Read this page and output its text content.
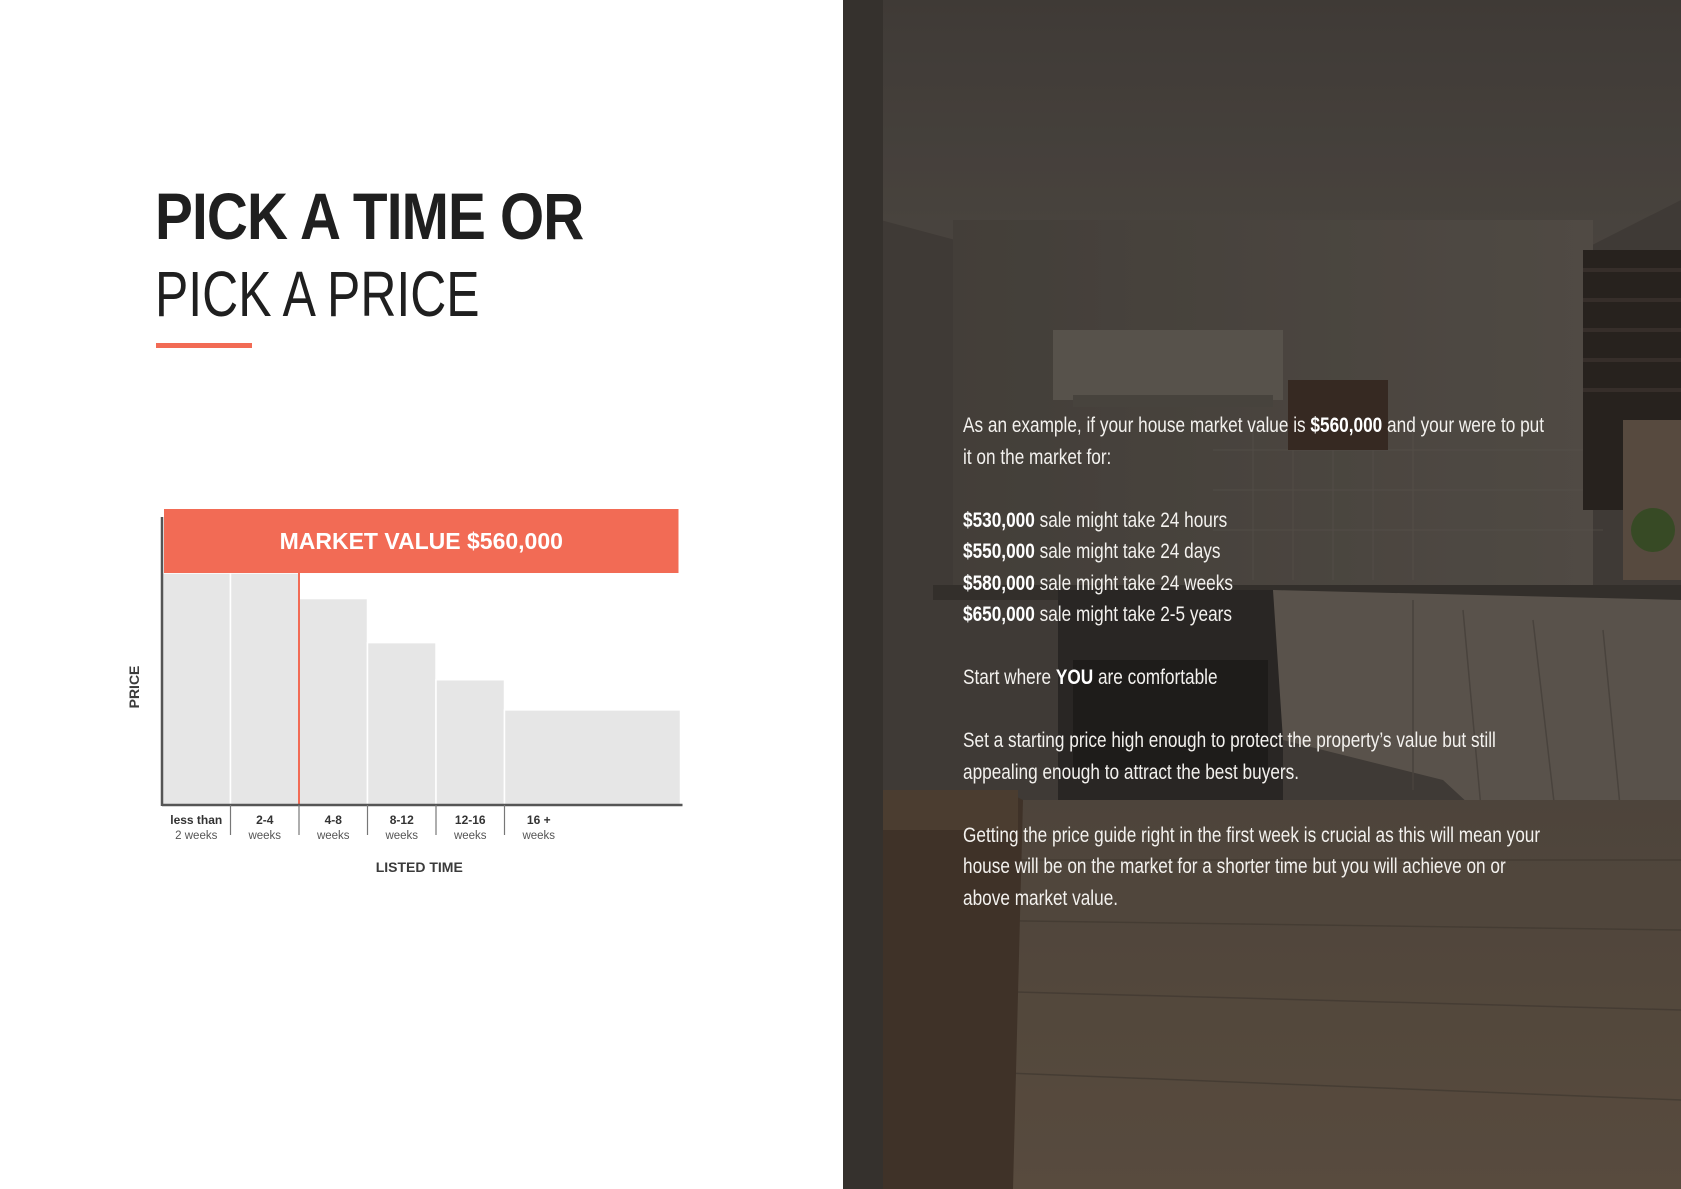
PICK A TIME OR
PICK A PRICE
MARKET VALUE $560,000
less than
2 weeks
2-4
weeks
4-8
weeks
8-12
weeks
12-16
weeks
16 +
weeks
PRICE
LISTED TIME

As an example, if your house market value is $560,000 and your were to put it on the market for:

$530,000 sale might take 24 hours

$550,000 sale might take 24 days

$580,000 sale might take 24 weeks

$650,000 sale might take 2-5 years

Start where YOU are comfortable

Set a starting price high enough to protect the property’s value but still appealing enough to attract the best buyers.

Getting the price guide right in the first week is crucial as this will mean your house will be on the market for a shorter time but you will achieve on or above market value.
